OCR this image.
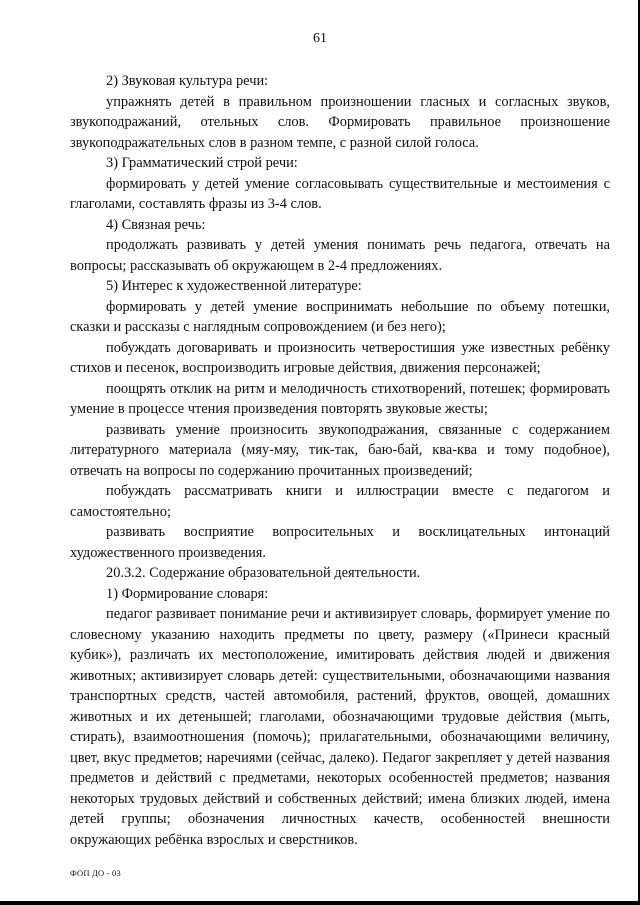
61

2) Звуковая культура речи:

упражнять детей в правильном произношении гласных и согласных звуков, звукоподражаний, отельных слов. Формировать правильное произношение звукоподражательных слов в разном темпе, с разной силой голоса.

3) Грамматический строй речи:

формировать у детей умение согласовывать существительные и местоимения с глаголами, составлять фразы из 3-4 слов.

4) Связная речь:

продолжать развивать у детей умения понимать речь педагога, отвечать на вопросы; рассказывать об окружающем в 2-4 предложениях.

5) Интерес к художественной литературе:

формировать у детей умение воспринимать небольшие по объему потешки, сказки и рассказы с наглядным сопровождением (и без него);

побуждать договаривать и произносить четверостишия уже известных ребёнку стихов и песенок, воспроизводить игровые действия, движения персонажей;

поощрять отклик на ритм и мелодичность стихотворений, потешек; формировать умение в процессе чтения произведения повторять звуковые жесты;

развивать умение произносить звукоподражания, связанные с содержанием литературного материала (мяу-мяу, тик-так, баю-бай, ква-ква и тому подобное), отвечать на вопросы по содержанию прочитанных произведений;

побуждать рассматривать книги и иллюстрации вместе с педагогом и самостоятельно;

развивать восприятие вопросительных и восклицательных интонаций художественного произведения.

20.3.2. Содержание образовательной деятельности.

1) Формирование словаря:

педагог развивает понимание речи и активизирует словарь, формирует умение по словесному указанию находить предметы по цвету, размеру («Принеси красный кубик»), различать их местоположение, имитировать действия людей и движения животных; активизирует словарь детей: существительными, обозначающими названия транспортных средств, частей автомобиля, растений, фруктов, овощей, домашних животных и их детенышей; глаголами, обозначающими трудовые действия (мыть, стирать), взаимоотношения (помочь); прилагательными, обозначающими величину, цвет, вкус предметов; наречиями (сейчас, далеко). Педагог закрепляет у детей названия предметов и действий с предметами, некоторых особенностей предметов; названия некоторых трудовых действий и собственных действий; имена близких людей, имена детей группы; обозначения личностных качеств, особенностей внешности окружающих ребёнка взрослых и сверстников.

ФОП ДО - 03
